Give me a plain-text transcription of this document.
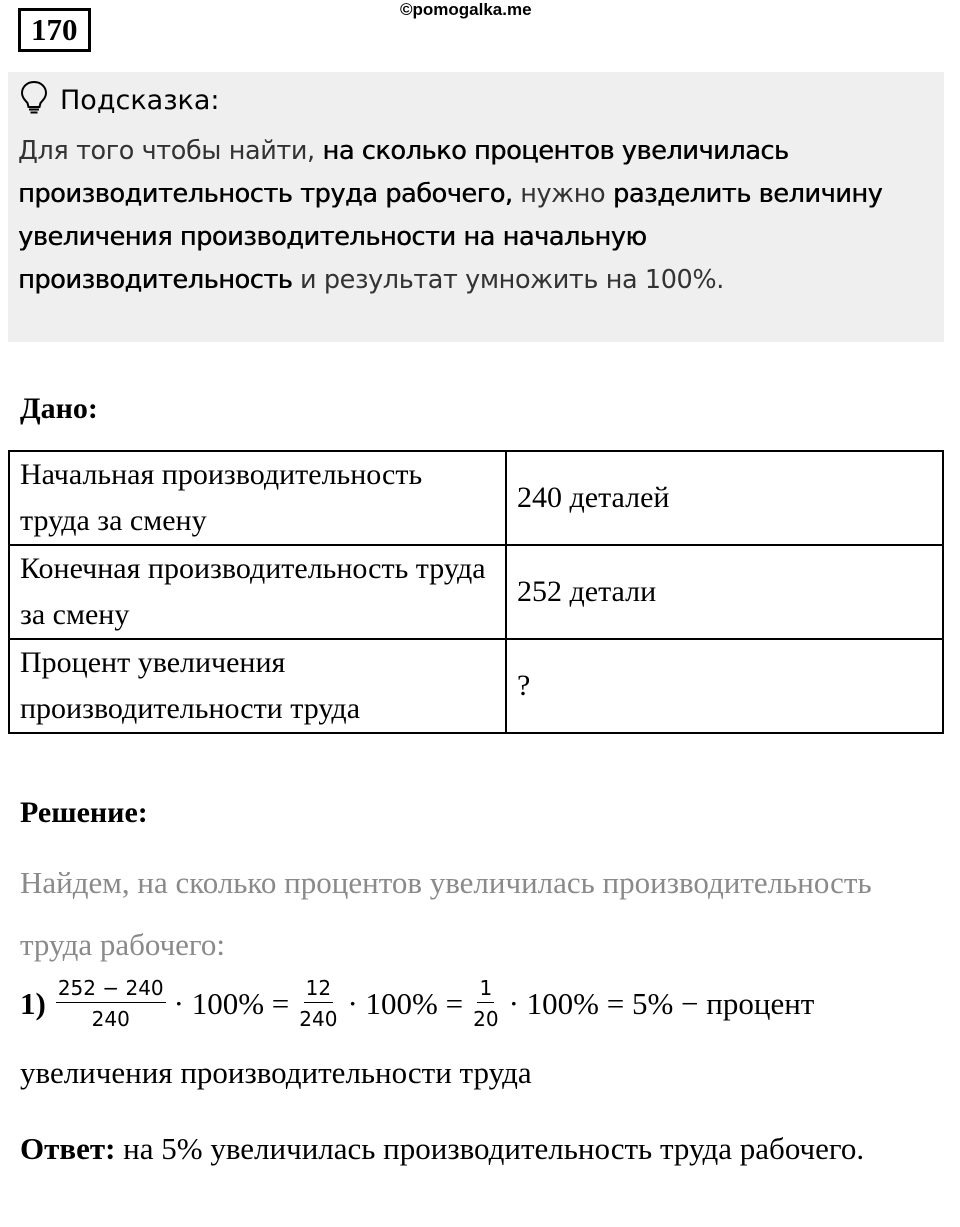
170
©pomogalka.me
Подсказка:
Для того чтобы найти, на сколько процентов увеличилась производительность труда рабочего, нужно разделить величину увеличения производительности на начальную производительность и результат умножить на 100%.
Дано:
Начальная производительность труда за смену	240 деталей
Конечная производительность труда за смену	252 детали
Процент увеличения производительности труда	?
Решение:
Найдем, на сколько процентов увеличилась производительность труда рабочего:
$1) \frac{252 - 240}{240} \cdot 100\% = \frac{12}{240} \cdot 100\% = \frac{1}{20} \cdot 100\% = 5\%$ − процент
увеличения производительности труда
Ответ: на 5% увеличилась производительность труда рабочего.
